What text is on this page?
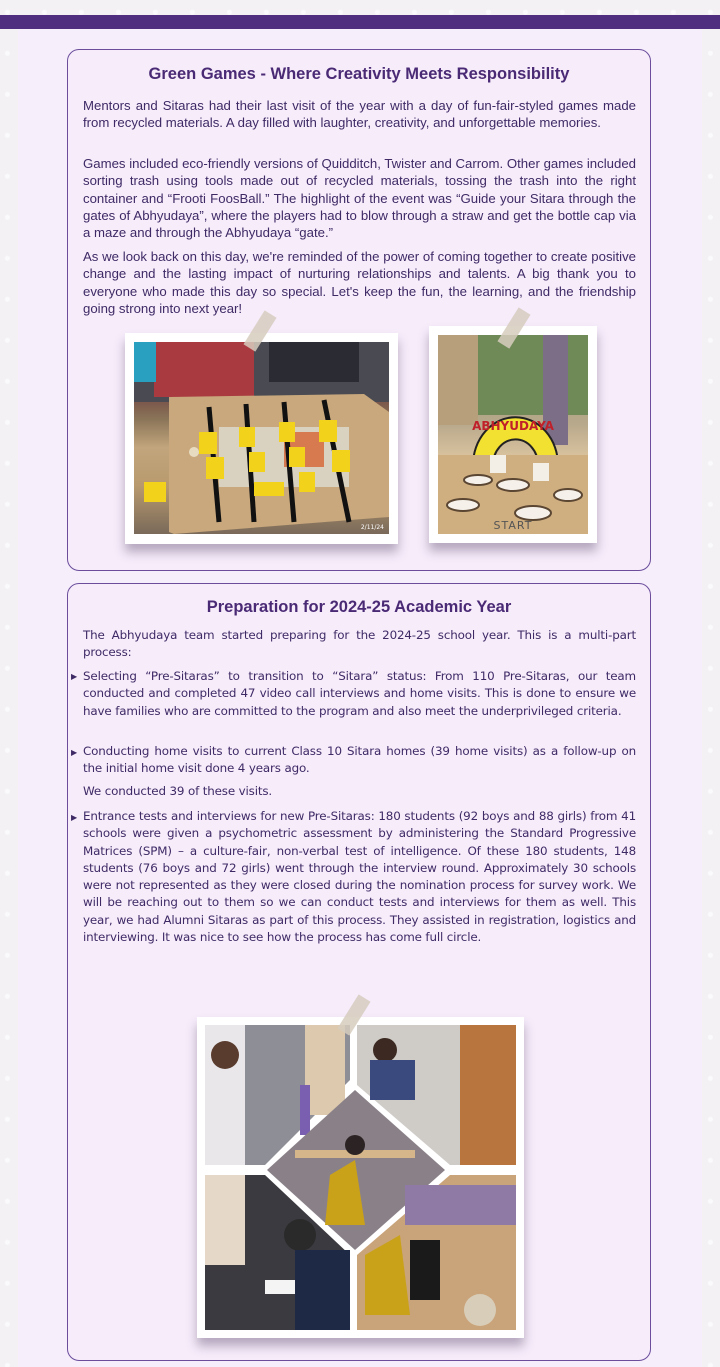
Green Games - Where Creativity Meets Responsibility

Mentors and Sitaras had their last visit of the year with a day of fun-fair-styled games made from recycled materials. A day filled with laughter, creativity, and unforgettable memories.

Games included eco-friendly versions of Quidditch, Twister and Carrom. Other games included sorting trash using tools made out of recycled materials, tossing the trash into the right container and “Frooti FoosBall.” The highlight of the event was “Guide your Sitara through the gates of Abhyudaya”, where the players had to blow through a straw and get the bottle cap via a maze and through the Abhyudaya “gate.”

As we look back on this day, we're reminded of the power of coming together to create positive change and the lasting impact of nurturing relationships and talents. A big thank you to everyone who made this day so special. Let's keep the fun, the learning, and the friendship going strong into next year!

2/11/24
ABHYUDAYA
START
Preparation for 2024-25 Academic Year

The Abhyudaya team started preparing for the 2024-25 school year. This is a multi-part process:

▶ Selecting “Pre-Sitaras” to transition to “Sitara” status: From 110 Pre-Sitaras, our team conducted and completed 47 video call interviews and home visits. This is done to ensure we have families who are committed to the program and also meet the underprivileged criteria.

▶ Conducting home visits to current Class 10 Sitara homes (39 home visits) as a follow-up on the initial home visit done 4 years ago.

We conducted 39 of these visits.

▶ Entrance tests and interviews for new Pre-Sitaras: 180 students (92 boys and 88 girls) from 41 schools were given a psychometric assessment by administering the Standard Progressive Matrices (SPM) – a culture-fair, non-verbal test of intelligence. Of these 180 students, 148 students (76 boys and 72 girls) went through the interview round. Approximately 30 schools were not represented as they were closed during the nomination process for survey work. We will be reaching out to them so we can conduct tests and interviews for them as well. This year, we had Alumni Sitaras as part of this process. They assisted in registration, logistics and interviewing. It was nice to see how the process has come full circle.
